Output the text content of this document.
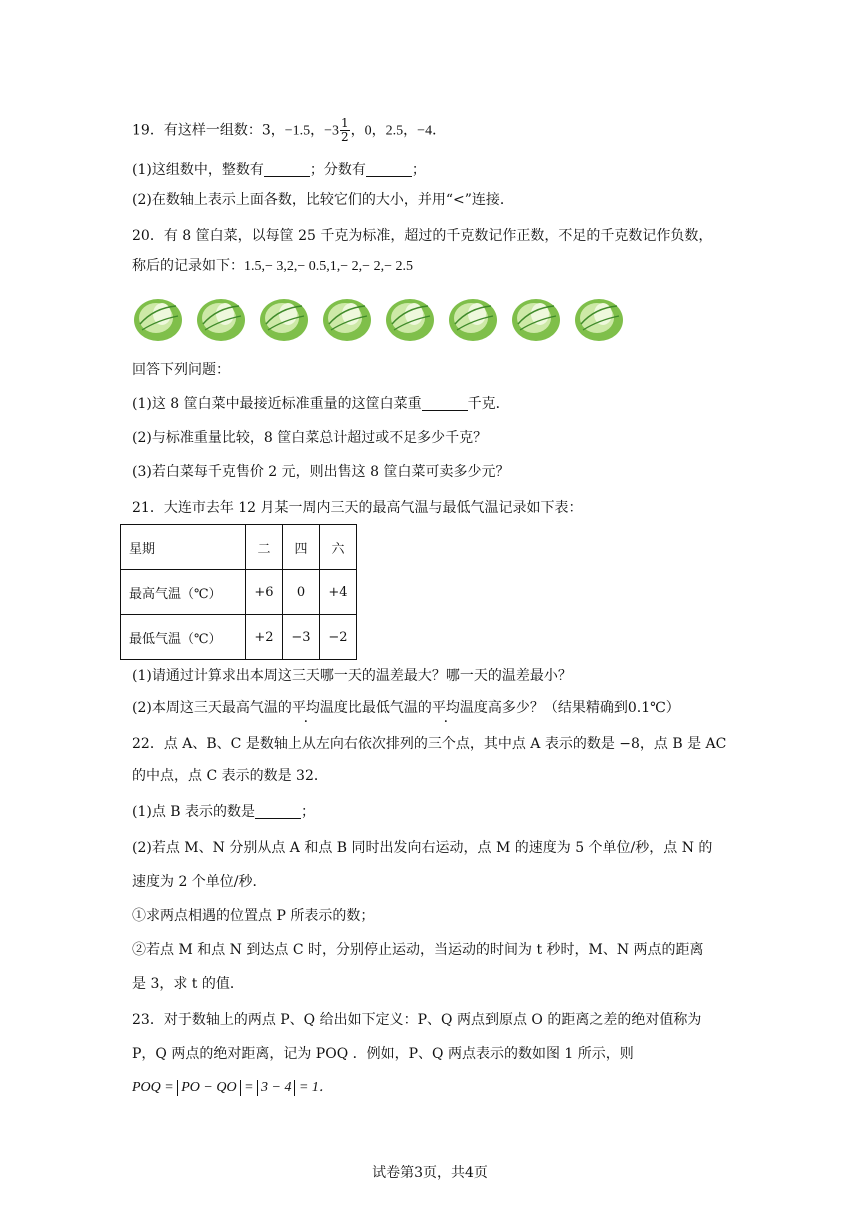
19．有这样一组数：3，−1.5，$-3 \frac{1}{2}$ ，0，2.5，−4．
(1)这组数中，整数有	；分数有	；
(2)在数轴上表示上面各数，比较它们的大小，并用“<”连接．
20．有 8 筐白菜，以每筐 25 千克为标准，超过的千克数记作正数，不足的千克数记作负数，
称后的记录如下：1.5,− 3,2,− 0.5,1,− 2,− 2,− 2.5
回答下列问题：
(1)这 8 筐白菜中最接近标准重量的这筐白菜重	千克．
(2)与标准重量比较，8 筐白菜总计超过或不足多少千克？
(3)若白菜每千克售价 2 元，则出售这 8 筐白菜可卖多少元？
21．大连市去年 12 月某一周内三天的最高气温与最低气温记录如下表：
星期	二	四	六
最高气温（℃）	+6	0	+4
最低气温（℃）	+2	−3	−2
(1)请通过计算求出本周这三天哪一天的温差最大？哪一天的温差最小？
(2)本周这三天最高气温的平均温度比最低气温的平均温度高多少？（结果精确到0.1℃）
22．点 A、B、C 是数轴上从左向右依次排列的三个点，其中点 A 表示的数是 −8，点 B 是 AC
的中点，点 C 表示的数是 32．
(1)点 B 表示的数是	；
(2)若点 M、N 分别从点 A 和点 B 同时出发向右运动，点 M 的速度为 5 个单位/秒，点 N 的
速度为 2 个单位/秒．
①求两点相遇的位置点 P 所表示的数；
②若点 M 和点 N 到达点 C 时，分别停止运动，当运动的时间为 t 秒时，M、N 两点的距离
是 3，求 t 的值．
23．对于数轴上的两点 P、Q 给出如下定义：P、Q 两点到原点 O 的距离之差的绝对值称为
P，Q 两点的绝对距离，记为 POQ ．例如，P、Q 两点表示的数如图 1 所示，则
POQ = PO − QO = 3 − 4 = 1．
试卷第3页，共4页
